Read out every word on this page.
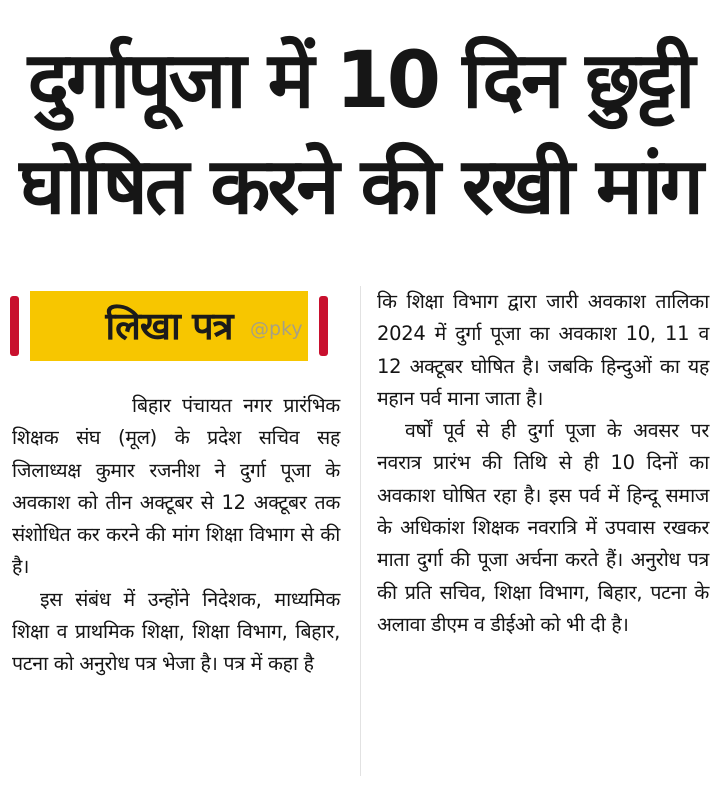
दुर्गापूजा में 10 दिन छुट्टी
घोषित करने की रखी मांग
लिखा पत्र @pky

बिहार पंचायत नगर प्रारंभिक शिक्षक संघ (मूल) के प्रदेश सचिव सह जिलाध्यक्ष कुमार रजनीश ने दुर्गा पूजा के अवकाश को तीन अक्टूबर से 12 अक्टूबर तक संशोधित कर करने की मांग शिक्षा विभाग से की है।

इस संबंध में उन्होंने निदेशक, माध्यमिक शिक्षा व प्राथमिक शिक्षा, शिक्षा विभाग, बिहार, पटना को अनुरोध पत्र भेजा है। पत्र में कहा है

कि शिक्षा विभाग द्वारा जारी अवकाश तालिका 2024 में दुर्गा पूजा का अवकाश 10, 11 व 12 अक्टूबर घोषित है। जबकि हिन्दुओं का यह महान पर्व माना जाता है।

वर्षों पूर्व से ही दुर्गा पूजा के अवसर पर नवरात्र प्रारंभ की तिथि से ही 10 दिनों का अवकाश घोषित रहा है। इस पर्व में हिन्दू समाज के अधिकांश शिक्षक नवरात्रि में उपवास रखकर माता दुर्गा की पूजा अर्चना करते हैं। अनुरोध पत्र की प्रति सचिव, शिक्षा विभाग, बिहार, पटना के अलावा डीएम व डीईओ को भी दी है।
